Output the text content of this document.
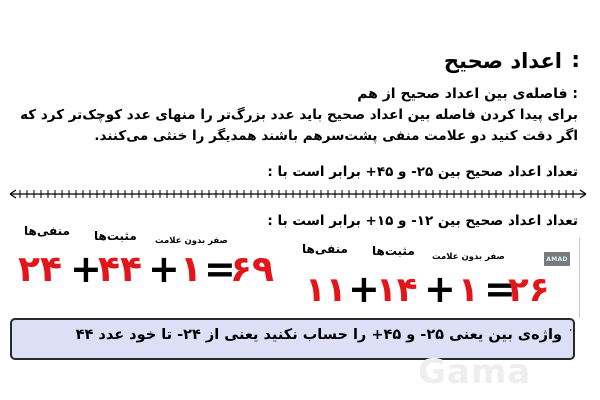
:
اعداد صحیح
: فاصله‌ی بین اعداد صحیح از هم
برای پیدا کردن فاصله بین اعداد صحیح باید عدد بزرگ‌تر را منهای عدد کوچک‌تر کرد که اگر دقت کنید دو علامت منفی پشت‌سرهم باشند همدیگر را خنثی می‌کنند.
تعداد اعداد صحیح بین ۲۵- و ۴۵+ برابر است با :
تعداد اعداد صحیح بین ۱۲- و ۱۵+ برابر است با :
AMAD
منفی‌ها مثبت‌ها صفر بدون علامت
۲۴ +
۴۴ + ۱ =
۶۹ منفی‌ها مثبت‌ها صفر بدون علامت
۱۱ +
۱۴ + ۱ =
۲۶
واژه‌ی بین یعنی ۲۵- و ۴۵+ را حساب نکنید یعنی از ۲۴- تا خود عدد ۴۴ ·
Gama
